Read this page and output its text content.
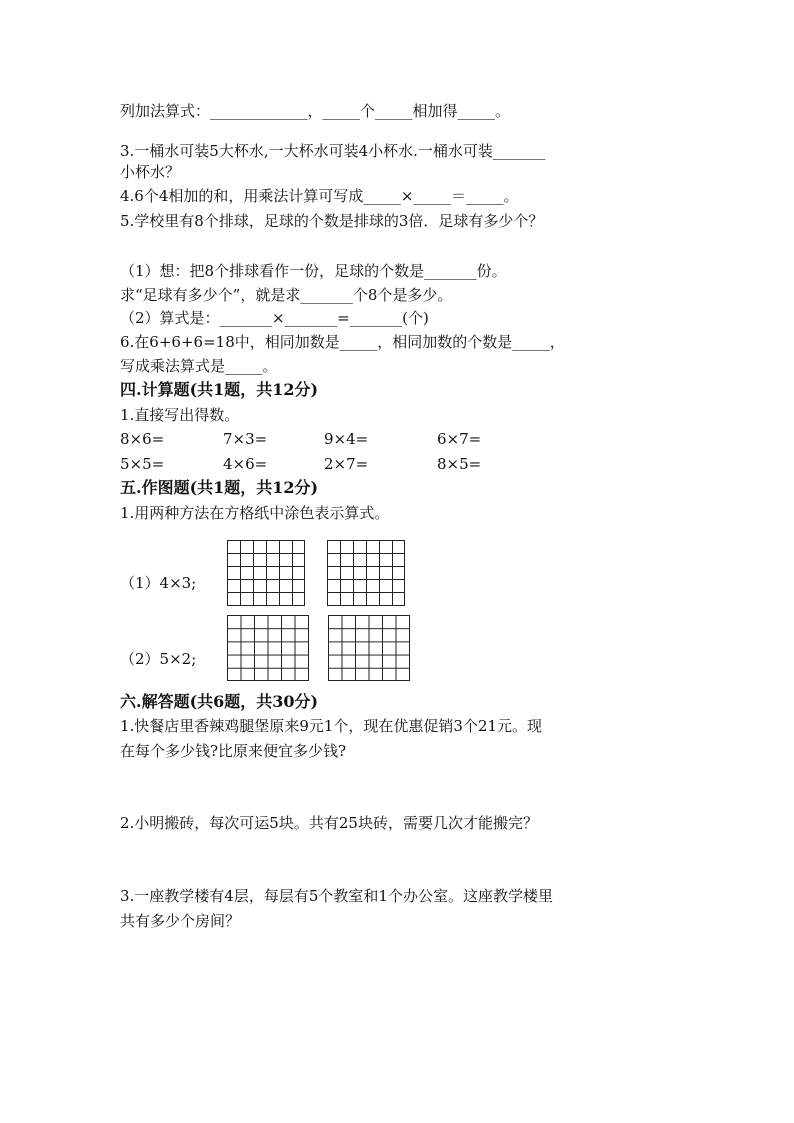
列加法算式：_____________，_____个_____相加得_____。
3.一桶水可装5大杯水,一大杯水可装4小杯水.一桶水可装_______
小杯水？
4.6个4相加的和，用乘法计算可写成_____×_____＝_____。
5.学校里有8个排球，足球的个数是排球的3倍．足球有多少个？
（1）想：把8个排球看作一份，足球的个数是_______份。
求“足球有多少个”，就是求_______个8个是多少。
（2）算式是：_______×_______=_______(个)
6.在6+6+6=18中，相同加数是_____，相同加数的个数是_____，
写成乘法算式是_____。
四.计算题(共1题，共12分)
1.直接写出得数。
8×6=	7×3=	9×4=	6×7=
5×5=	4×6=	2×7=	8×5=
五.作图题(共1题，共12分)
1.用两种方法在方格纸中涂色表示算式。
（1）4×3;
（2）5×2;
六.解答题(共6题，共30分)
1.快餐店里香辣鸡腿堡原来9元1个，现在优惠促销3个21元。现
在每个多少钱?比原来便宜多少钱?
2.小明搬砖，每次可运5块。共有25块砖，需要几次才能搬完？
3.一座教学楼有4层，每层有5个教室和1个办公室。这座教学楼里
共有多少个房间？
